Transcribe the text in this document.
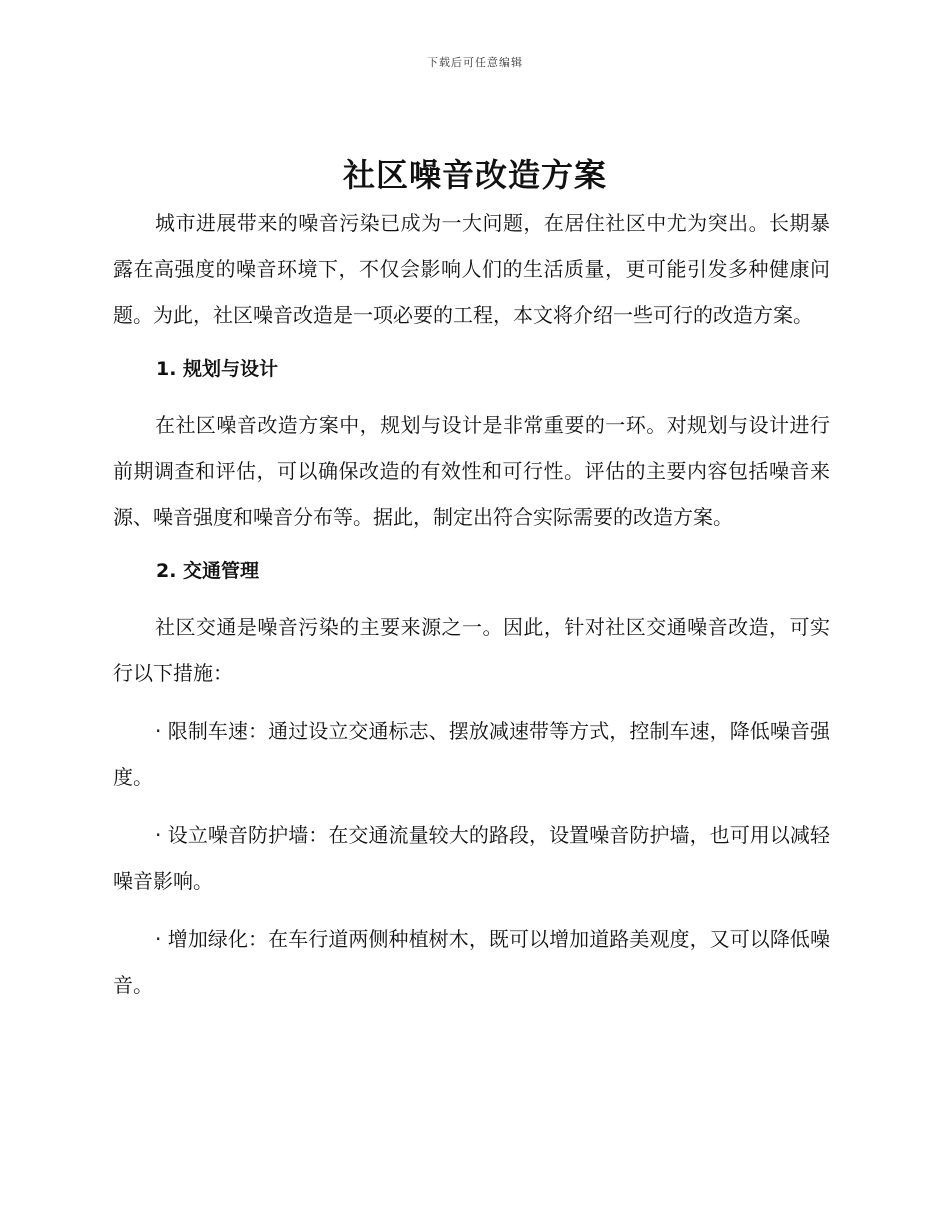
下载后可任意编辑
社区噪音改造方案

城市进展带来的噪音污染已成为一大问题，在居住社区中尤为突出。长期暴露在高强度的噪音环境下，不仅会影响人们的生活质量，更可能引发多种健康问题。为此，社区噪音改造是一项必要的工程，本文将介绍一些可行的改造方案。

1. 规划与设计

在社区噪音改造方案中，规划与设计是非常重要的一环。对规划与设计进行前期调查和评估，可以确保改造的有效性和可行性。评估的主要内容包括噪音来源、噪音强度和噪音分布等。据此，制定出符合实际需要的改造方案。

2. 交通管理

社区交通是噪音污染的主要来源之一。因此，针对社区交通噪音改造，可实行以下措施：

· 限制车速：通过设立交通标志、摆放减速带等方式，控制车速，降低噪音强度。

· 设立噪音防护墙：在交通流量较大的路段，设置噪音防护墙，也可用以减轻噪音影响。

· 增加绿化：在车行道两侧种植树木，既可以增加道路美观度，又可以降低噪音。
